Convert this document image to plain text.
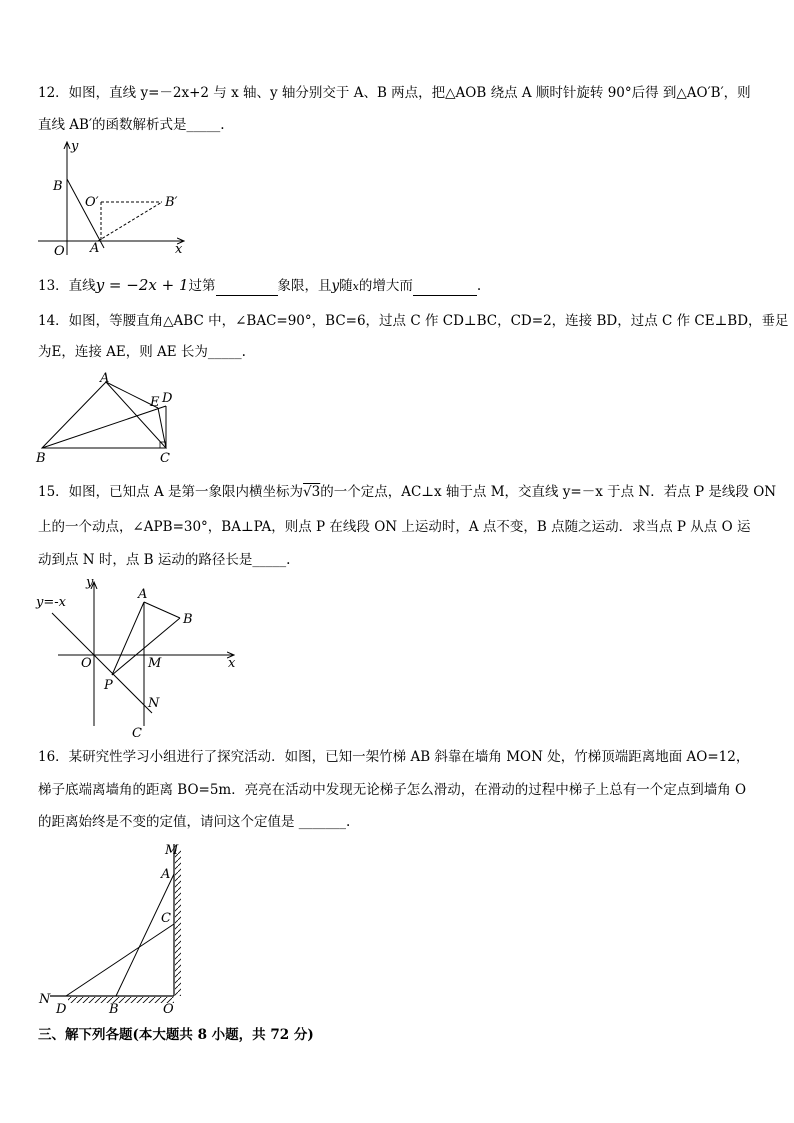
12．如图，直线 y=－2x+2 与 x 轴、y 轴分别交于 A、B 两点，把△AOB 绕点 A 顺时针旋转 90°后得 到△AO′B′，则
直线 AB′的函数解析式是_____.
y
B
O′	B′
O A	x
13．直线y = −2x + 1过第	象限，且y随x的增大而	.
14．如图，等腰直角△ABC 中，∠BAC=90°，BC=6，过点 C 作 CD⊥BC，CD=2，连接 BD，过点 C 作 CE⊥BD，垂足
为E，连接 AE，则 AE 长为_____.
A
E D
B	C
15．如图，已知点 A 是第一象限内横坐标为√3的一个定点，AC⊥x 轴于点 M，交直线 y=－x 于点 N．若点 P 是线段 ON
上的一个动点，∠APB=30°，BA⊥PA，则点 P 在线段 ON 上运动时，A 点不变，B 点随之运动．求当点 P 从点 O 运
动到点 N 时，点 B 运动的路径长是_____.
y=-x
y
A
B
O	M	x
P
N
C
16．某研究性学习小组进行了探究活动．如图，已知一架竹梯 AB 斜靠在墙角 MON 处，竹梯顶端距离地面 AO=12，
梯子底端离墙角的距离 BO=5m．亮亮在活动中发现无论梯子怎么滑动，在滑动的过程中梯子上总有一个定点到墙角 O
的距离始终是不变的定值，请问这个定值是 _______.
M
A
C
N
D	B	O
三、解下列各题(本大题共 8 小题，共 72 分)
